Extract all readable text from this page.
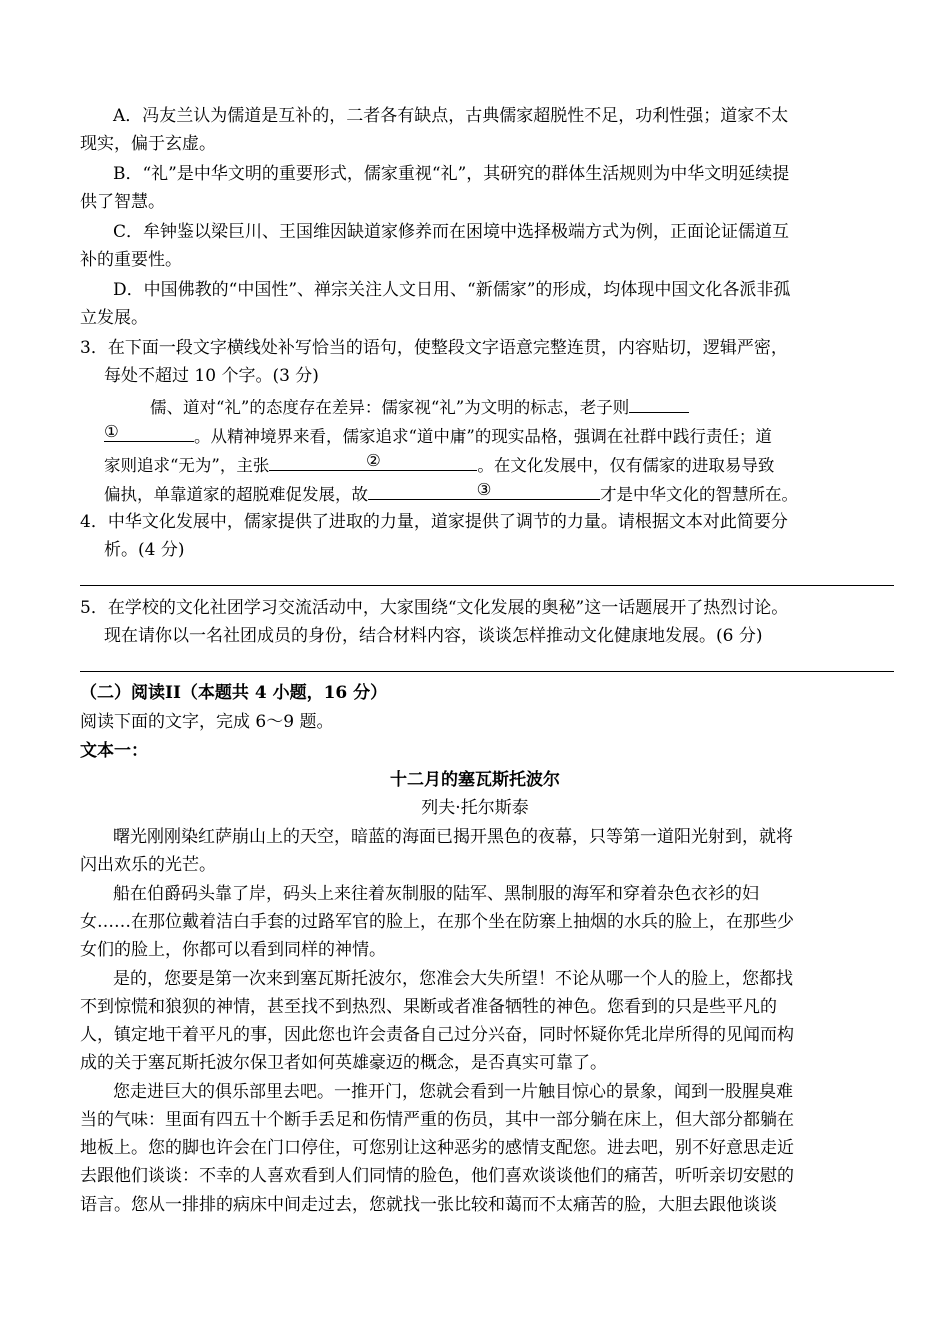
A．冯友兰认为儒道是互补的，二者各有缺点，古典儒家超脱性不足，功利性强；道家不太
现实，偏于玄虚。
B．“礼”是中华文明的重要形式，儒家重视“礼”，其研究的群体生活规则为中华文明延续提
供了智慧。
C．牟钟鉴以梁巨川、王国维因缺道家修养而在困境中选择极端方式为例，正面论证儒道互
补的重要性。
D．中国佛教的“中国性”、禅宗关注人文日用、“新儒家”的形成，均体现中国文化各派非孤
立发展。
3．在下面一段文字横线处补写恰当的语句，使整段文字语意完整连贯，内容贴切，逻辑严密，
每处不超过 10 个字。(3 分)
儒、道对“礼”的态度存在差异：儒家视“礼”为文明的标志，老子则
①	。从精神境界来看，儒家追求“道中庸”的现实品格，强调在社群中践行责任；道
家则追求“无为”，主张	②	。在文化发展中，仅有儒家的进取易导致
偏执，单靠道家的超脱难促发展，故	③	才是中华文化的智慧所在。
4．中华文化发展中，儒家提供了进取的力量，道家提供了调节的力量。请根据文本对此简要分
析。(4 分)
5．在学校的文化社团学习交流活动中，大家围绕“文化发展的奥秘”这一话题展开了热烈讨论。
现在请你以一名社团成员的身份，结合材料内容，谈谈怎样推动文化健康地发展。(6 分)
（二）阅读II（本题共 4 小题，16 分）
阅读下面的文字，完成 6～9 题。
文本一：
十二月的塞瓦斯托波尔
列夫·托尔斯泰
曙光刚刚染红萨崩山上的天空，暗蓝的海面已揭开黑色的夜幕，只等第一道阳光射到，就将
闪出欢乐的光芒。
船在伯爵码头靠了岸，码头上来往着灰制服的陆军、黑制服的海军和穿着杂色衣衫的妇
女……在那位戴着洁白手套的过路军官的脸上，在那个坐在防寨上抽烟的水兵的脸上，在那些少
女们的脸上，你都可以看到同样的神情。
是的，您要是第一次来到塞瓦斯托波尔，您准会大失所望！不论从哪一个人的脸上，您都找
不到惊慌和狼狈的神情，甚至找不到热烈、果断或者准备牺牲的神色。您看到的只是些平凡的
人，镇定地干着平凡的事，因此您也许会责备自己过分兴奋，同时怀疑你凭北岸所得的见闻而构
成的关于塞瓦斯托波尔保卫者如何英雄豪迈的概念，是否真实可靠了。
您走进巨大的俱乐部里去吧。一推开门，您就会看到一片触目惊心的景象，闻到一股腥臭难
当的气味：里面有四五十个断手丢足和伤情严重的伤员，其中一部分躺在床上，但大部分都躺在
地板上。您的脚也许会在门口停住，可您别让这种恶劣的感情支配您。进去吧，别不好意思走近
去跟他们谈谈：不幸的人喜欢看到人们同情的脸色，他们喜欢谈谈他们的痛苦，听听亲切安慰的
语言。您从一排排的病床中间走过去，您就找一张比较和蔼而不太痛苦的脸，大胆去跟他谈谈
